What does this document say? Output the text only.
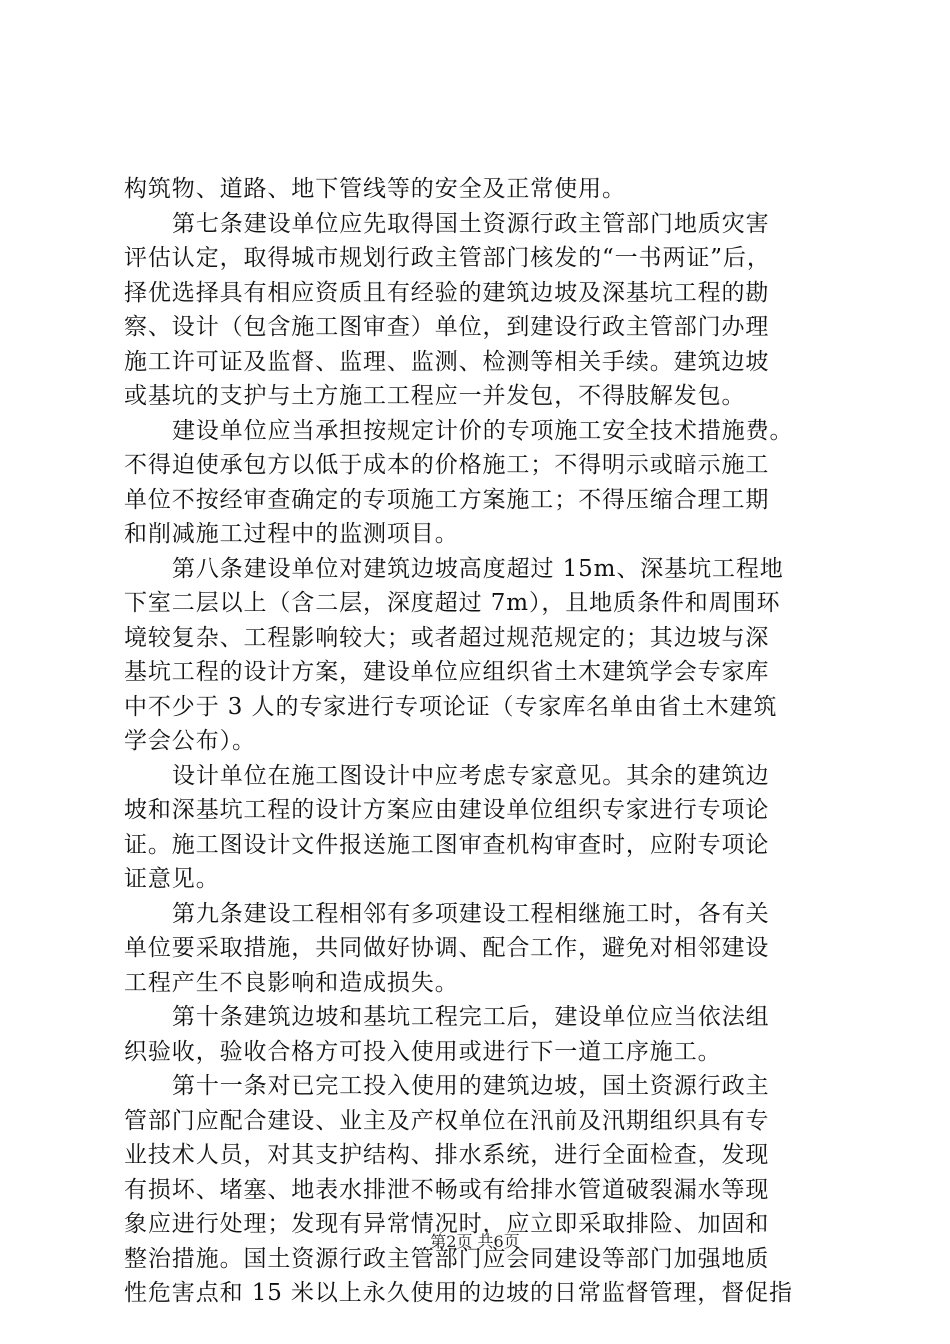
构筑物、道路、地下管线等的安全及正常使用。
第七条建设单位应先取得国土资源行政主管部门地质灾害
评估认定，取得城市规划行政主管部门核发的“一书两证”后，
择优选择具有相应资质且有经验的建筑边坡及深基坑工程的勘
察、设计（包含施工图审查）单位，到建设行政主管部门办理
施工许可证及监督、监理、监测、检测等相关手续。建筑边坡
或基坑的支护与土方施工工程应一并发包，不得肢解发包。
建设单位应当承担按规定计价的专项施工安全技术措施费。
不得迫使承包方以低于成本的价格施工；不得明示或暗示施工
单位不按经审查确定的专项施工方案施工；不得压缩合理工期
和削减施工过程中的监测项目。
第八条建设单位对建筑边坡高度超过 15m、深基坑工程地
下室二层以上（含二层，深度超过 7m），且地质条件和周围环
境较复杂、工程影响较大；或者超过规范规定的；其边坡与深
基坑工程的设计方案，建设单位应组织省土木建筑学会专家库
中不少于 3 人的专家进行专项论证（专家库名单由省土木建筑
学会公布）。
设计单位在施工图设计中应考虑专家意见。其余的建筑边
坡和深基坑工程的设计方案应由建设单位组织专家进行专项论
证。施工图设计文件报送施工图审查机构审查时，应附专项论
证意见。
第九条建设工程相邻有多项建设工程相继施工时，各有关
单位要采取措施，共同做好协调、配合工作，避免对相邻建设
工程产生不良影响和造成损失。
第十条建筑边坡和基坑工程完工后，建设单位应当依法组
织验收，验收合格方可投入使用或进行下一道工序施工。
第十一条对已完工投入使用的建筑边坡，国土资源行政主
管部门应配合建设、业主及产权单位在汛前及汛期组织具有专
业技术人员，对其支护结构、排水系统，进行全面检查，发现
有损坏、堵塞、地表水排泄不畅或有给排水管道破裂漏水等现
象应进行处理；发现有异常情况时，应立即采取排险、加固和
整治措施。国土资源行政主管部门应会同建设等部门加强地质
性危害点和 15 米以上永久使用的边坡的日常监督管理，督促指
第2页 共6页
